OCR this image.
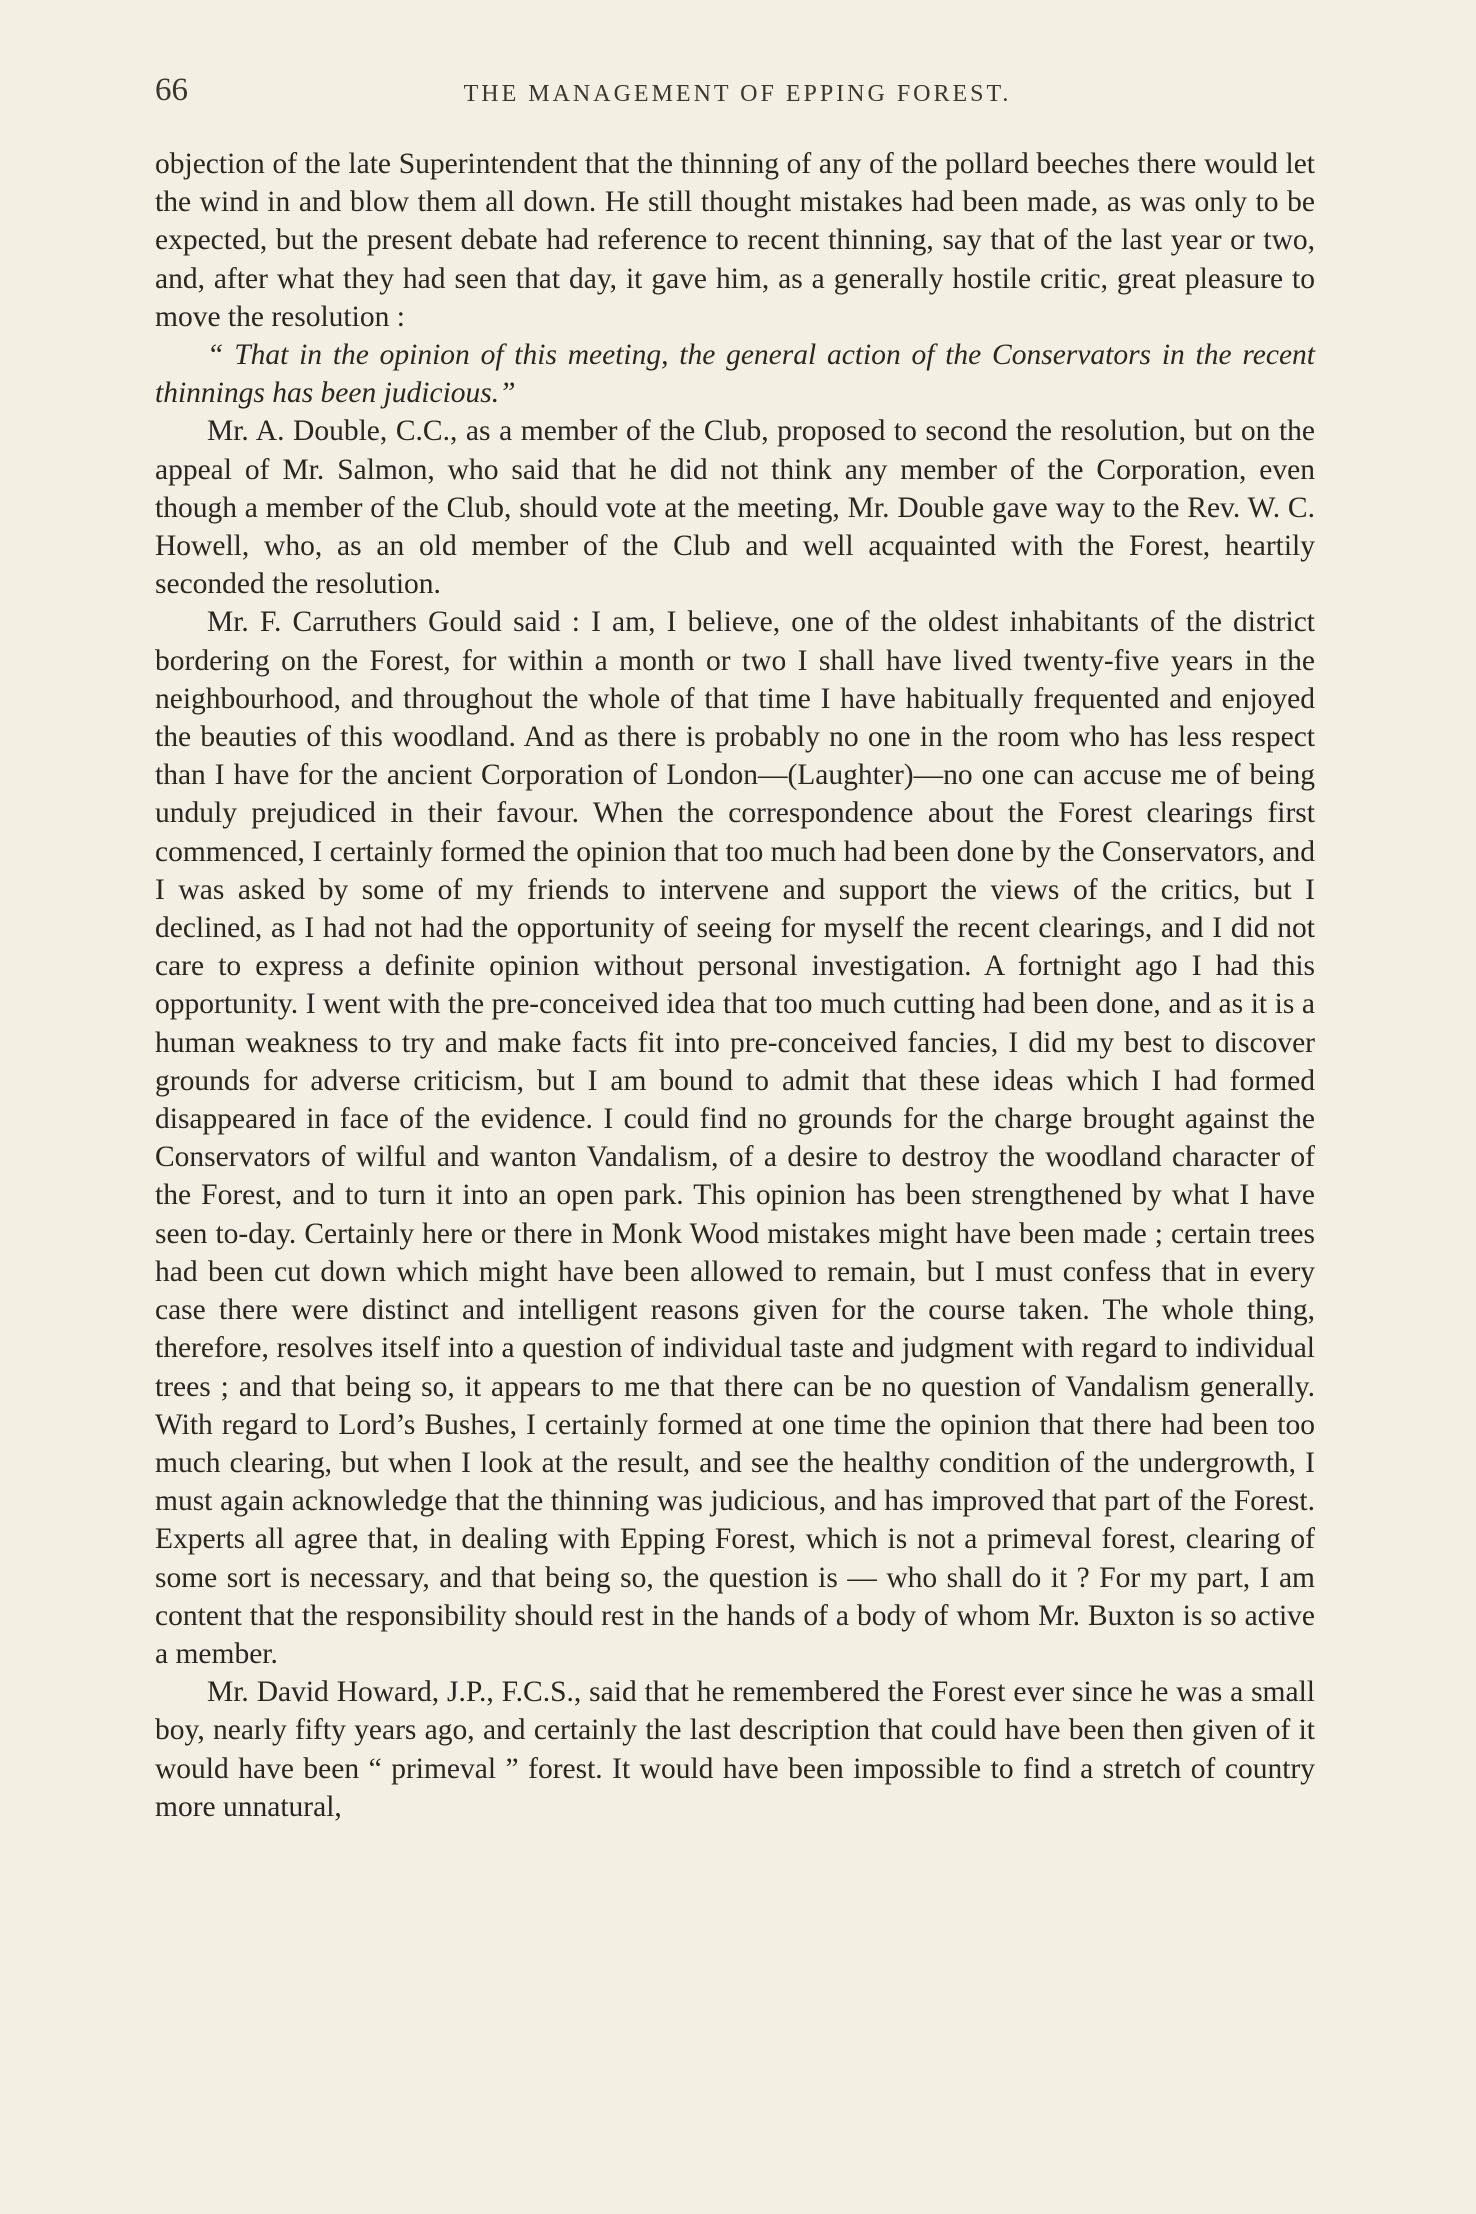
66	THE MANAGEMENT OF EPPING FOREST.

objection of the late Superintendent that the thinning of any of the pollard beeches there would let the wind in and blow them all down. He still thought mistakes had been made, as was only to be expected, but the present debate had reference to recent thinning, say that of the last year or two, and, after what they had seen that day, it gave him, as a generally hostile critic, great pleasure to move the resolution :

“ That in the opinion of this meeting, the general action of the Conservators in the recent thinnings has been judicious.”

Mr. A. Double, C.C., as a member of the Club, proposed to second the resolution, but on the appeal of Mr. Salmon, who said that he did not think any member of the Corporation, even though a member of the Club, should vote at the meeting, Mr. Double gave way to the Rev. W. C. Howell, who, as an old member of the Club and well acquainted with the Forest, heartily seconded the resolution.

Mr. F. Carruthers Gould said : I am, I believe, one of the oldest inhabitants of the district bordering on the Forest, for within a month or two I shall have lived twenty-five years in the neighbourhood, and throughout the whole of that time I have habitually frequented and enjoyed the beauties of this woodland. And as there is probably no one in the room who has less respect than I have for the ancient Corporation of London—(Laughter)—no one can accuse me of being unduly prejudiced in their favour. When the correspondence about the Forest clearings first commenced, I certainly formed the opinion that too much had been done by the Conservators, and I was asked by some of my friends to intervene and support the views of the critics, but I declined, as I had not had the opportunity of seeing for myself the recent clearings, and I did not care to express a definite opinion without personal investigation. A fortnight ago I had this opportunity. I went with the pre-conceived idea that too much cutting had been done, and as it is a human weakness to try and make facts fit into pre-conceived fancies, I did my best to discover grounds for adverse criticism, but I am bound to admit that these ideas which I had formed disappeared in face of the evidence. I could find no grounds for the charge brought against the Conservators of wilful and wanton Vandalism, of a desire to destroy the woodland character of the Forest, and to turn it into an open park. This opinion has been strengthened by what I have seen to-day. Certainly here or there in Monk Wood mistakes might have been made ; certain trees had been cut down which might have been allowed to remain, but I must confess that in every case there were distinct and intelligent reasons given for the course taken. The whole thing, therefore, resolves itself into a question of individual taste and judgment with regard to individual trees ; and that being so, it appears to me that there can be no question of Vandalism generally. With regard to Lord’s Bushes, I certainly formed at one time the opinion that there had been too much clearing, but when I look at the result, and see the healthy condition of the undergrowth, I must again acknowledge that the thinning was judicious, and has improved that part of the Forest. Experts all agree that, in dealing with Epping Forest, which is not a primeval forest, clearing of some sort is necessary, and that being so, the question is — who shall do it ? For my part, I am content that the responsibility should rest in the hands of a body of whom Mr. Buxton is so active a member.

Mr. David Howard, J.P., F.C.S., said that he remembered the Forest ever since he was a small boy, nearly fifty years ago, and certainly the last description that could have been then given of it would have been “ primeval ” forest. It would have been impossible to find a stretch of country more unnatural,
